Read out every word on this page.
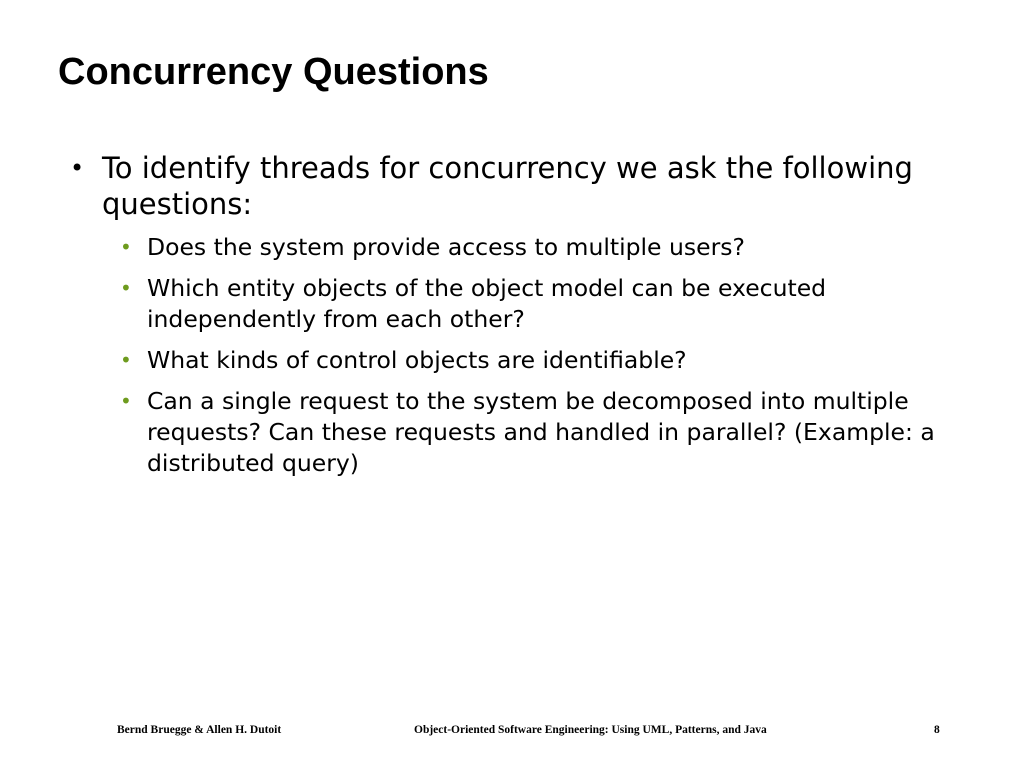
Concurrency Questions
• To identify threads for concurrency we ask the following questions:
• Does the system provide access to multiple users?
• Which entity objects of the object model can be executed independently from each other?
• What kinds of control objects are identifiable?
• Can a single request to the system be decomposed into multiple requests? Can these requests and handled in parallel? (Example: a distributed query)
Bernd Bruegge & Allen H. Dutoit	Object-Oriented Software Engineering: Using UML, Patterns, and Java	8
